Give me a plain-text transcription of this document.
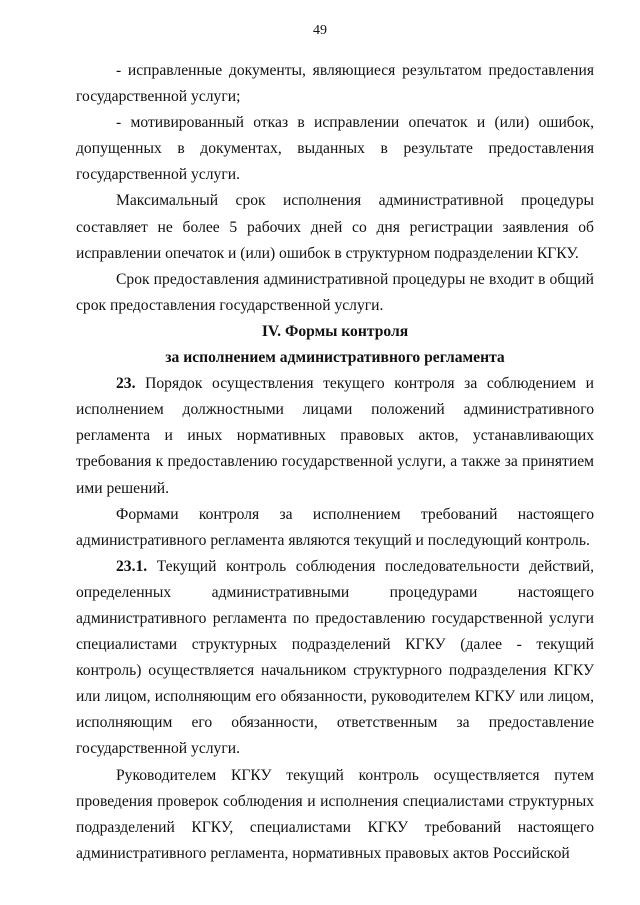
49

- исправленные документы, являющиеся результатом предоставления государственной услуги;

- мотивированный отказ в исправлении опечаток и (или) ошибок, допущенных в документах, выданных в результате предоставления государственной услуги.

Максимальный срок исполнения административной процедуры составляет не более 5 рабочих дней со дня регистрации заявления об исправлении опечаток и (или) ошибок в структурном подразделении КГКУ.

Срок предоставления административной процедуры не входит в общий срок предоставления государственной услуги.

IV. Формы контроля

за исполнением административного регламента

23. Порядок осуществления текущего контроля за соблюдением и исполнением должностными лицами положений административного регламента и иных нормативных правовых актов, устанавливающих требования к предоставлению государственной услуги, а также за принятием ими решений.

Формами контроля за исполнением требований настоящего административного регламента являются текущий и последующий контроль.

23.1. Текущий контроль соблюдения последовательности действий, определенных административными процедурами настоящего административного регламента по предоставлению государственной услуги специалистами структурных подразделений КГКУ (далее - текущий контроль) осуществляется начальником структурного подразделения КГКУ или лицом, исполняющим его обязанности, руководителем КГКУ или лицом, исполняющим его обязанности, ответственным за предоставление государственной услуги.

Руководителем КГКУ текущий контроль осуществляется путем проведения проверок соблюдения и исполнения специалистами структурных подразделений КГКУ, специалистами КГКУ требований настоящего административного регламента, нормативных правовых актов Российской
